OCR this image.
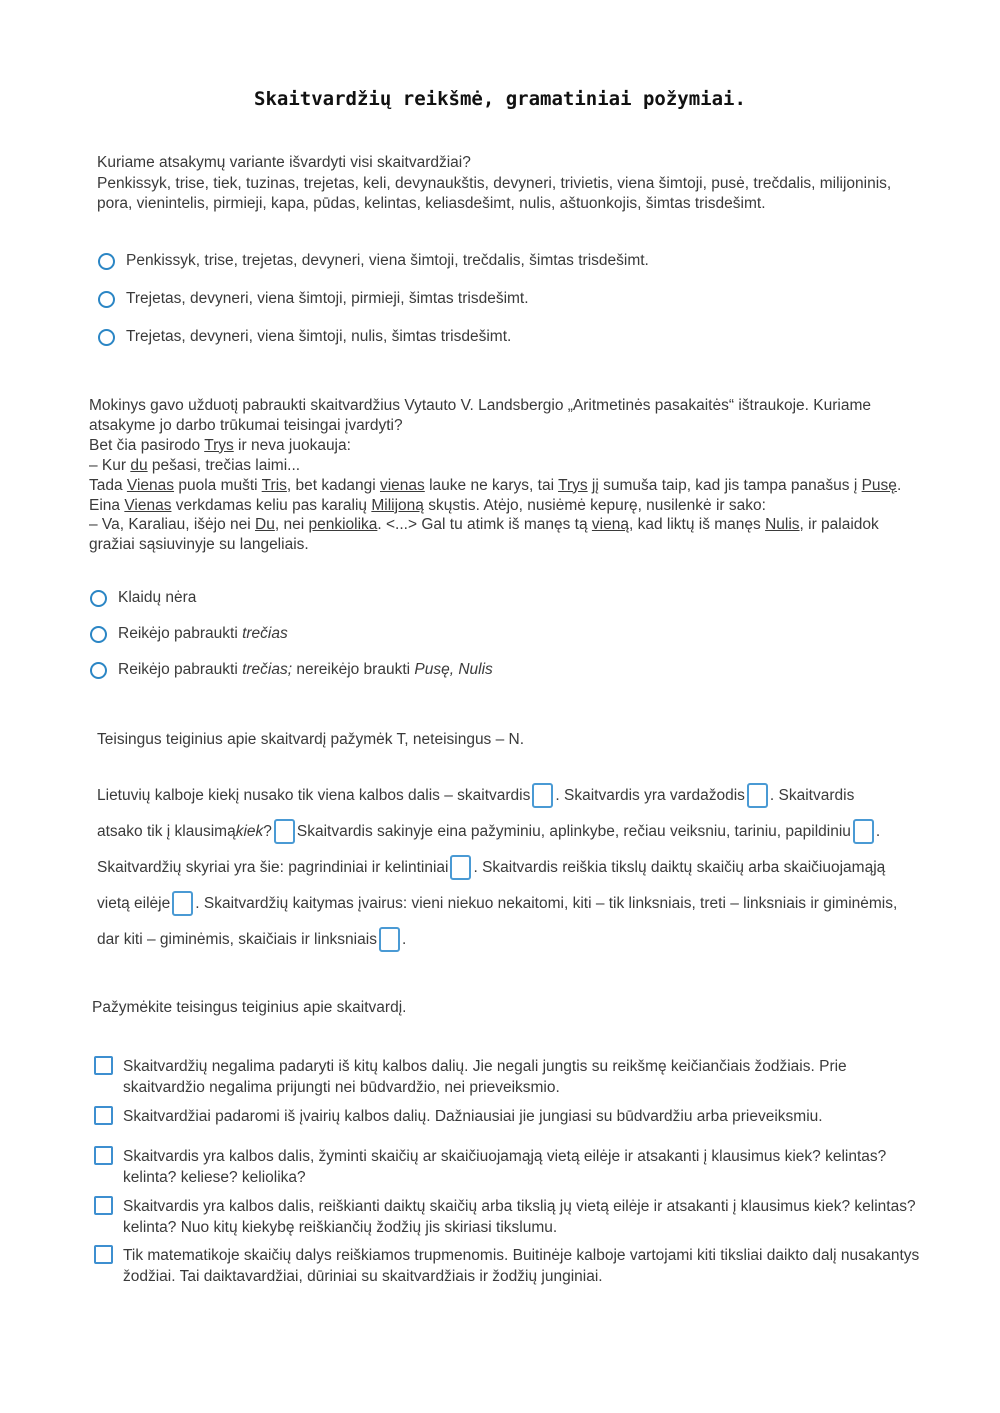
Skaitvardžių reikšmė, gramatiniai požymiai.
Kuriame atsakymų variante išvardyti visi skaitvardžiai?
Penkissyk, trise, tiek, tuzinas, trejetas, keli, devynaukštis, devyneri, trivietis, viena šimtoji, pusė, trečdalis, milijoninis,
pora, vienintelis, pirmieji, kapa, pūdas, kelintas, keliasdešimt, nulis, aštuonkojis, šimtas trisdešimt.
Penkissyk, trise, trejetas, devyneri, viena šimtoji, trečdalis, šimtas trisdešimt.
Trejetas, devyneri, viena šimtoji, pirmieji, šimtas trisdešimt.
Trejetas, devyneri, viena šimtoji, nulis, šimtas trisdešimt.
Mokinys gavo užduotį pabraukti skaitvardžius Vytauto V. Landsbergio „Aritmetinės pasakaitės“ ištraukoje. Kuriame
atsakyme jo darbo trūkumai teisingai įvardyti?
Bet čia pasirodo Trys ir neva juokauja:
– Kur du pešasi, trečias laimi...
Tada Vienas puola mušti Tris, bet kadangi vienas lauke ne karys, tai Trys jį sumuša taip, kad jis tampa panašus į Pusę.
Eina Vienas verkdamas keliu pas karalių Milijoną skųstis. Atėjo, nusiėmė kepurę, nusilenkė ir sako:
– Va, Karaliau, išėjo nei Du, nei penkiolika. <...> Gal tu atimk iš manęs tą vieną, kad liktų iš manęs Nulis, ir palaidok
gražiai sąsiuvinyje su langeliais.
Klaidų nėra
Reikėjo pabraukti trečias
Reikėjo pabraukti trečias; nereikėjo braukti Pusę, Nulis
Teisingus teiginius apie skaitvardį pažymėk T, neteisingus – N.
Lietuvių kalboje kiekį nusako tik viena kalbos dalis – skaitvardis . Skaitvardis yra vardažodis . Skaitvardis
atsako tik į klausimą kiek ? Skaitvardis sakinyje eina pažyminiu, aplinkybe, rečiau veiksniu, tariniu, papildiniu .
Skaitvardžių skyriai yra šie: pagrindiniai ir kelintiniai . Skaitvardis reiškia tikslų daiktų skaičių arba skaičiuojamąją
vietą eilėje . Skaitvardžių kaitymas įvairus: vieni niekuo nekaitomi, kiti – tik linksniais, treti – linksniais ir giminėmis,
dar kiti – giminėmis, skaičiais ir linksniais .
Pažymėkite teisingus teiginius apie skaitvardį.
Skaitvardžių negalima padaryti iš kitų kalbos dalių. Jie negali jungtis su reikšmę keičiančiais žodžiais. Prie
skaitvardžio negalima prijungti nei būdvardžio, nei prieveiksmio.
Skaitvardžiai padaromi iš įvairių kalbos dalių. Dažniausiai jie jungiasi su būdvardžiu arba prieveiksmiu.
Skaitvardis yra kalbos dalis, žyminti skaičių ar skaičiuojamąją vietą eilėje ir atsakanti į klausimus kiek? kelintas?
kelinta? keliese? keliolika?
Skaitvardis yra kalbos dalis, reiškianti daiktų skaičių arba tikslią jų vietą eilėje ir atsakanti į klausimus kiek? kelintas?
kelinta? Nuo kitų kiekybę reiškiančių žodžių jis skiriasi tikslumu.
Tik matematikoje skaičių dalys reiškiamos trupmenomis. Buitinėje kalboje vartojami kiti tiksliai daikto dalį nusakantys
žodžiai. Tai daiktavardžiai, dūriniai su skaitvardžiais ir žodžių junginiai.
